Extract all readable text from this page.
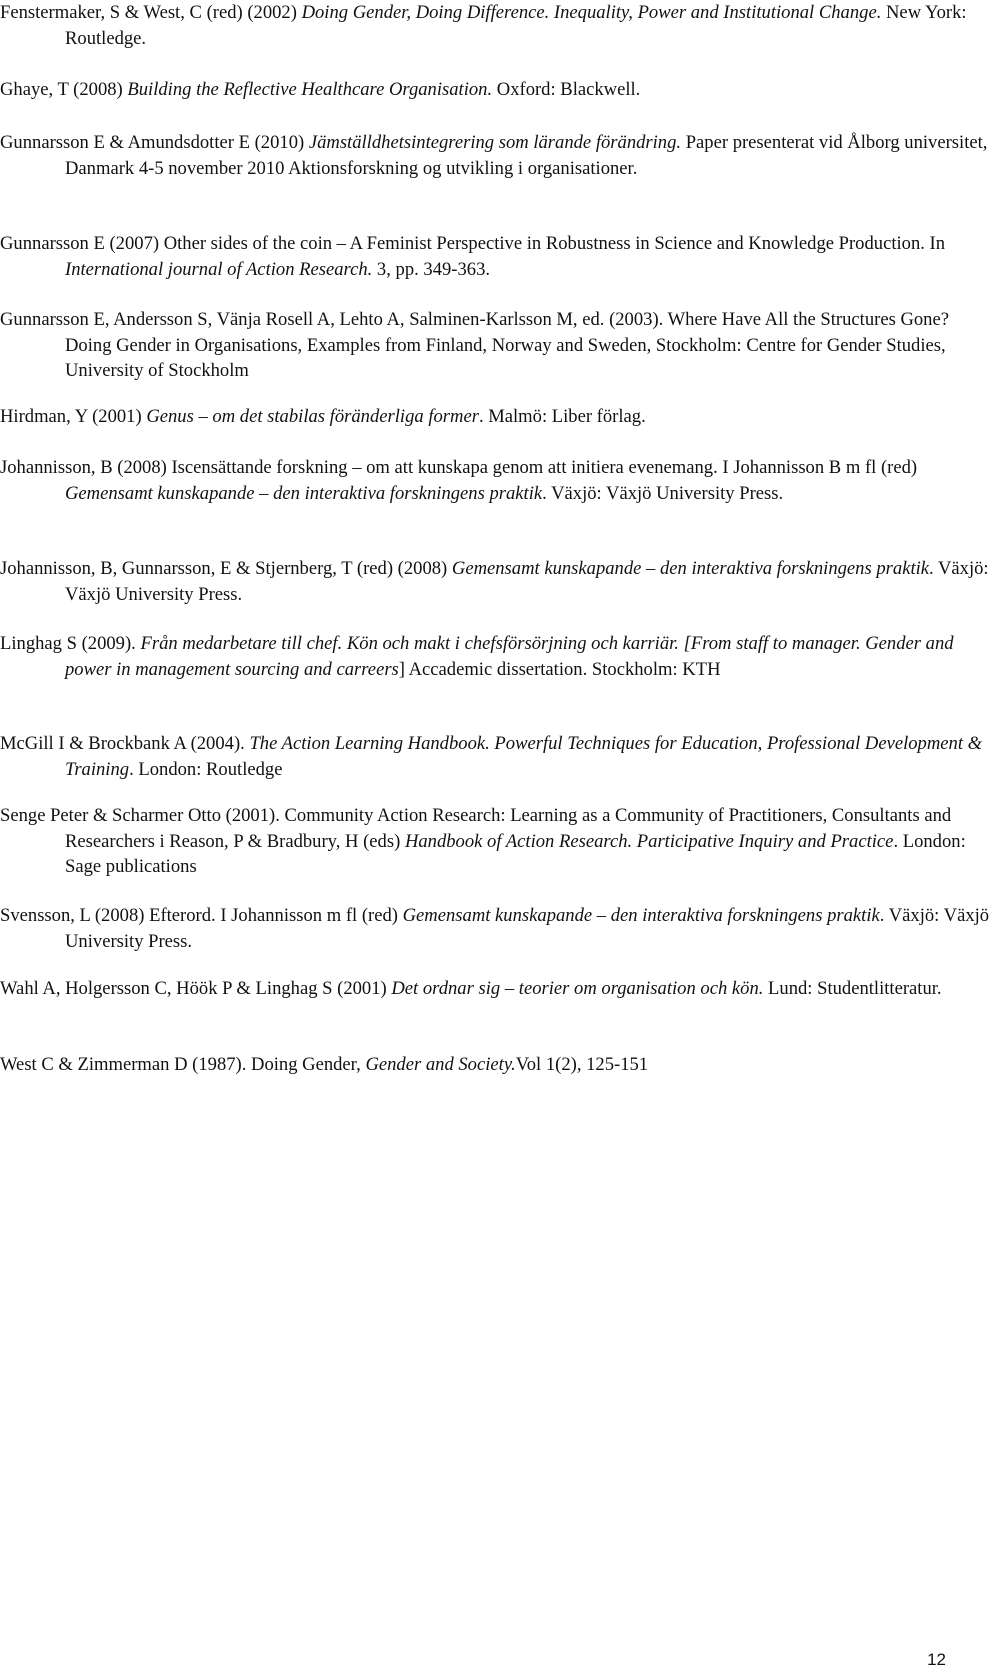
Fenstermaker, S & West, C (red) (2002) Doing Gender, Doing Difference. Inequality, Power and Institutional Change. New York: Routledge.

Ghaye, T (2008) Building the Reflective Healthcare Organisation. Oxford: Blackwell.

Gunnarsson E & Amundsdotter E (2010) Jämställdhetsintegrering som lärande förändring. Paper presenterat vid Ålborg universitet, Danmark 4-5 november 2010 Aktionsforskning og utvikling i organisationer.

Gunnarsson E (2007) Other sides of the coin – A Feminist Perspective in Robustness in Science and Knowledge Production. In International journal of Action Research. 3, pp. 349-363.

Gunnarsson E, Andersson S, Vänja Rosell A, Lehto A, Salminen-Karlsson M, ed. (2003). Where Have All the Structures Gone? Doing Gender in Organisations, Examples from Finland, Norway and Sweden, Stockholm: Centre for Gender Studies, University of Stockholm

Hirdman, Y (2001) Genus – om det stabilas föränderliga former. Malmö: Liber förlag.

Johannisson, B (2008) Iscensättande forskning – om att kunskapa genom att initiera evenemang. I Johannisson B m fl (red) Gemensamt kunskapande – den interaktiva forskningens praktik. Växjö: Växjö University Press.

Johannisson, B, Gunnarsson, E & Stjernberg, T (red) (2008) Gemensamt kunskapande – den interaktiva forskningens praktik. Växjö: Växjö University Press.

Linghag S (2009). Från medarbetare till chef. Kön och makt i chefsförsörjning och karriär. [From staff to manager. Gender and power in management sourcing and carreers] Accademic dissertation. Stockholm: KTH

McGill I & Brockbank A (2004). The Action Learning Handbook. Powerful Techniques for Education, Professional Development & Training. London: Routledge

Senge Peter & Scharmer Otto (2001). Community Action Research: Learning as a Community of Practitioners, Consultants and Researchers i Reason, P & Bradbury, H (eds) Handbook of Action Research. Participative Inquiry and Practice. London: Sage publications

Svensson, L (2008) Efterord. I Johannisson m fl (red) Gemensamt kunskapande – den interaktiva forskningens praktik. Växjö: Växjö University Press.

Wahl A, Holgersson C, Höök P & Linghag S (2001) Det ordnar sig – teorier om organisation och kön. Lund: Studentlitteratur.

West C & Zimmerman D (1987). Doing Gender, Gender and Society.Vol 1(2), 125-151

12
